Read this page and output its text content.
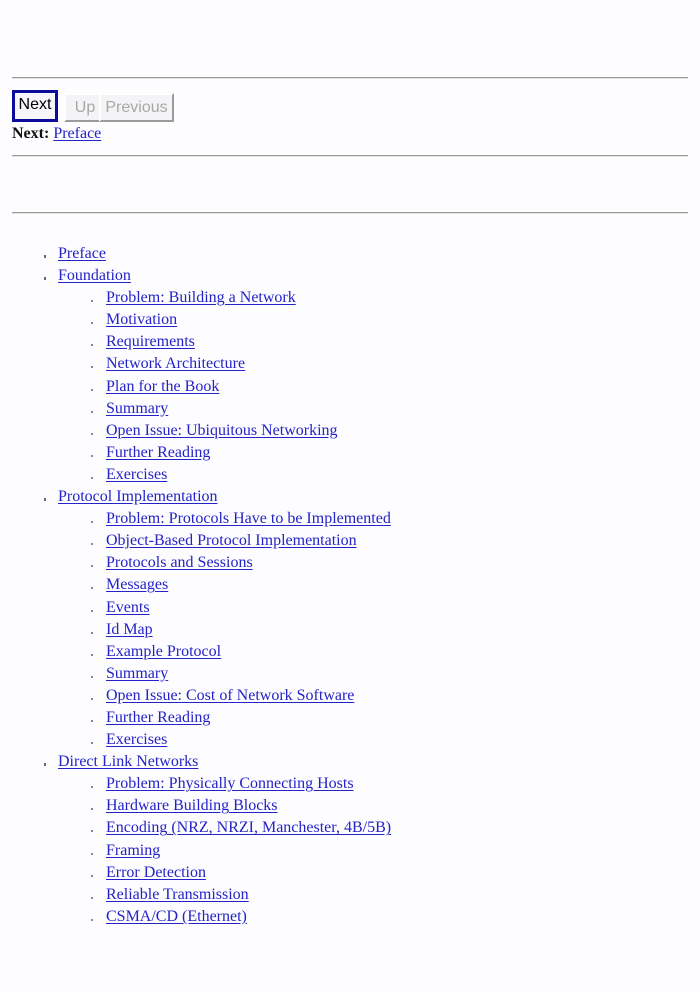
Next	Up Previous
Next: Preface
Preface
Foundation
Problem: Building a Network
Motivation
Requirements
Network Architecture
Plan for the Book
Summary
Open Issue: Ubiquitous Networking
Further Reading
Exercises
Protocol Implementation
Problem: Protocols Have to be Implemented
Object-Based Protocol Implementation
Protocols and Sessions
Messages
Events
Id Map
Example Protocol
Summary
Open Issue: Cost of Network Software
Further Reading
Exercises
Direct Link Networks
Problem: Physically Connecting Hosts
Hardware Building Blocks
Encoding (NRZ, NRZI, Manchester, 4B/5B)
Framing
Error Detection
Reliable Transmission
CSMA/CD (Ethernet)
